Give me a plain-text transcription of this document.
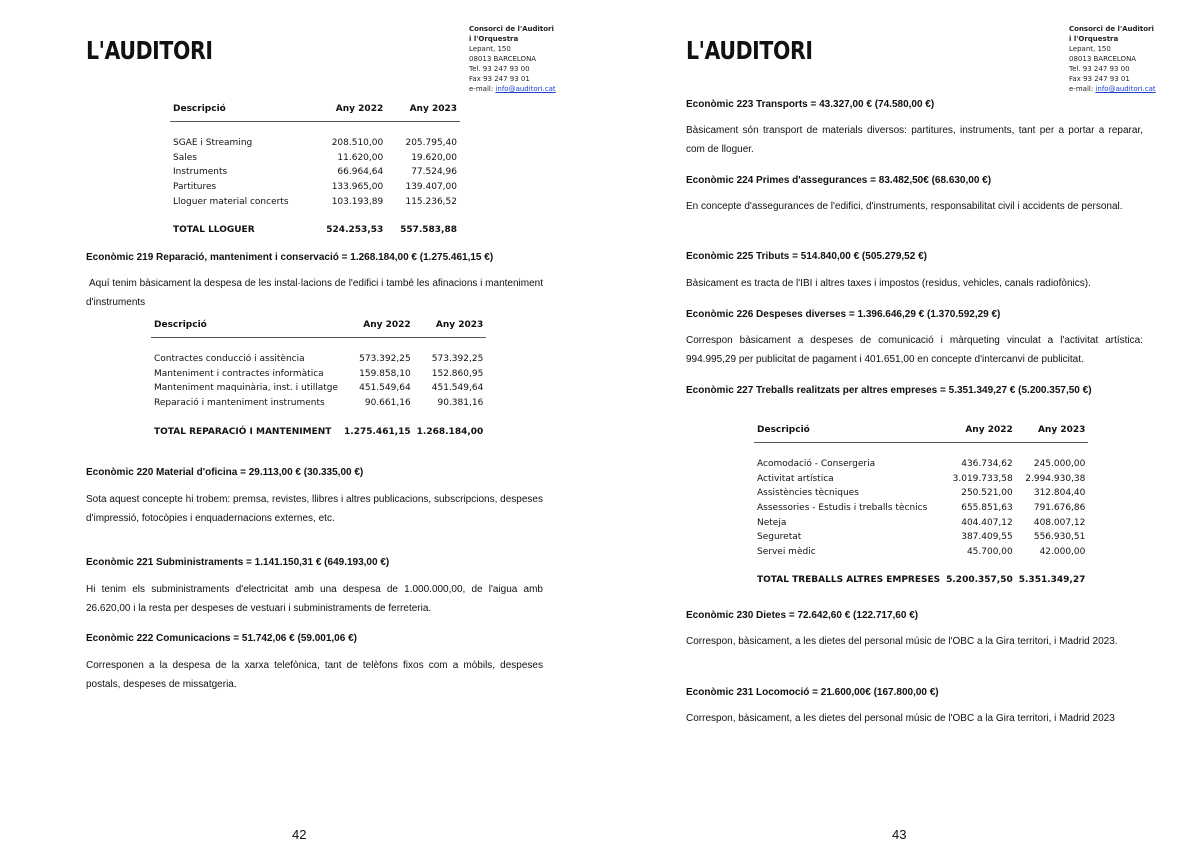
L'AUDITORI
Consorci de l'Auditori
i l'Orquestra
Lepant, 150
08013 BARCELONA
Tel. 93 247 93 00
Fax 93 247 93 01
e-mail: info@auditori.cat
Descripció	Any 2022	Any 2023

SGAE i Streaming	208.510,00	205.795,40
Sales	11.620,00	19.620,00
Instruments	66.964,64	77.524,96
Partitures	133.965,00	139.407,00
Lloguer material concerts	103.193,89	115.236,52

TOTAL LLOGUER	524.253,53	557.583,88
Econòmic 219 Reparació, manteniment i conservació = 1.268.184,00 € (1.275.461,15 €)
Aquí tenim bàsicament la despesa de les instal·lacions de l'edifici i també les afinacions i manteniment d'instruments
Descripció	Any 2022	Any 2023

Contractes conducció i assitència	573.392,25	573.392,25
Manteniment i contractes informàtica	159.858,10	152.860,95
Manteniment maquinària, inst. i utillatge	451.549,64	451.549,64
Reparació i manteniment instruments	90.661,16	90.381,16

TOTAL REPARACIÓ I MANTENIMENT	1.275.461,15	1.268.184,00
Econòmic 220 Material d'oficina = 29.113,00 € (30.335,00 €)
Sota aquest concepte hi trobem: premsa, revistes, llibres i altres publicacions, subscripcions, despeses d'impressió, fotocòpies i enquadernacions externes, etc.
Econòmic 221 Subministraments = 1.141.150,31 € (649.193,00 €)
Hi tenim els subministraments d'electricitat amb una despesa de 1.000.000,00, de l'aigua amb 26.620,00 i la resta per despeses de vestuari i subministraments de ferreteria.
Econòmic 222 Comunicacions = 51.742,06 € (59.001,06 €)
Corresponen a la despesa de la xarxa telefònica, tant de telèfons fixos com a mòbils, despeses postals, despeses de missatgeria.
42
L'AUDITORI
Consorci de l'Auditori
i l'Orquestra
Lepant, 150
08013 BARCELONA
Tel. 93 247 93 00
Fax 93 247 93 01
e-mail: info@auditori.cat
Econòmic 223 Transports = 43.327,00 € (74.580,00 €)
Bàsicament són transport de materials diversos: partitures, instruments, tant per a portar a reparar, com de lloguer.
Econòmic 224 Primes d'assegurances = 83.482,50€ (68.630,00 €)
En concepte d'assegurances de l'edifici, d'instruments, responsabilitat civil i accidents de personal.
Econòmic 225 Tributs = 514.840,00 € (505.279,52 €)
Bàsicament es tracta de l'IBI i altres taxes i impostos (residus, vehicles, canals radiofònics).
Econòmic 226 Despeses diverses = 1.396.646,29 € (1.370.592,29 €)
Correspon bàsicament a despeses de comunicació i màrqueting vinculat a l'activitat artística: 994.995,29 per publicitat de pagament i 401.651,00 en concepte d'intercanvi de publicitat.
Econòmic 227 Treballs realitzats per altres empreses = 5.351.349,27 € (5.200.357,50 €)
Descripció	Any 2022	Any 2023

Acomodació - Consergeria	436.734,62	245.000,00
Activitat artística	3.019.733,58	2.994.930,38
Assistències tècniques	250.521,00	312.804,40
Assessories - Estudis i treballs tècnics	655.851,63	791.676,86
Neteja	404.407,12	408.007,12
Seguretat	387.409,55	556.930,51
Servei mèdic	45.700,00	42.000,00

TOTAL TREBALLS ALTRES EMPRESES	5.200.357,50	5.351.349,27
Econòmic 230 Dietes = 72.642,60 € (122.717,60 €)
Correspon, bàsicament, a les dietes del personal músic de l'OBC a la Gira territori, i Madrid 2023.
Econòmic 231 Locomoció = 21.600,00€ (167.800,00 €)
Correspon, bàsicament, a les dietes del personal músic de l'OBC a la Gira territori, i Madrid 2023
43
